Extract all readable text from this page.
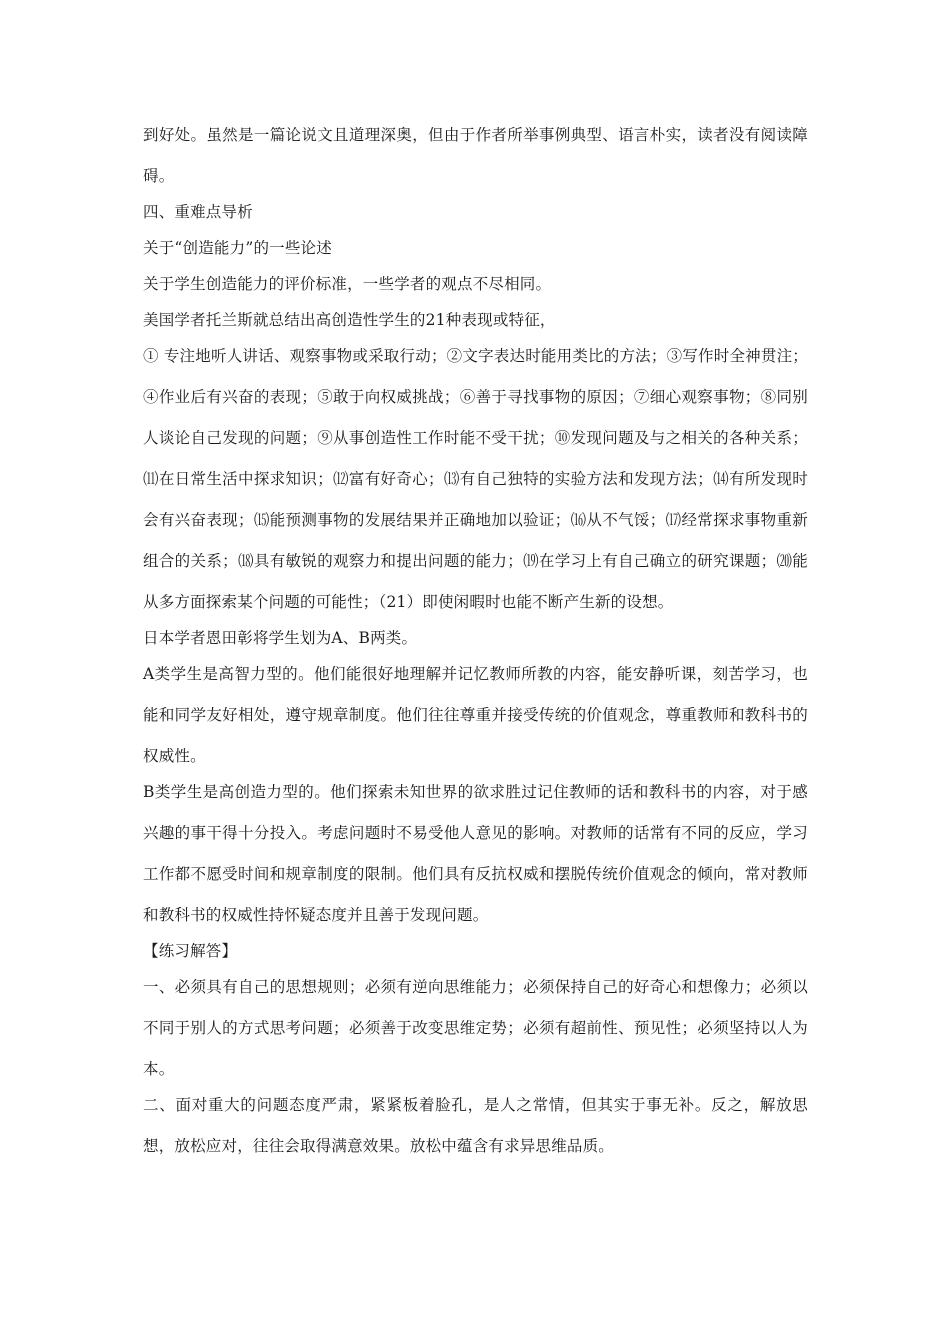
到好处。虽然是一篇论说文且道理深奥，但由于作者所举事例典型、语言朴实，读者没有阅读障碍。

四、重难点导析

关于“创造能力”的一些论述

关于学生创造能力的评价标准，一些学者的观点不尽相同。

美国学者托兰斯就总结出高创造性学生的21种表现或特征，

① 专注地听人讲话、观察事物或采取行动；②文字表达时能用类比的方法；③写作时全神贯注；④作业后有兴奋的表现；⑤敢于向权威挑战；⑥善于寻找事物的原因；⑦细心观察事物；⑧同别人谈论自己发现的问题；⑨从事创造性工作时能不受干扰；⑩发现问题及与之相关的各种关系；⑾在日常生活中探求知识；⑿富有好奇心；⒀有自己独特的实验方法和发现方法；⒁有所发现时会有兴奋表现；⒂能预测事物的发展结果并正确地加以验证；⒃从不气馁；⒄经常探求事物重新组合的关系；⒅具有敏锐的观察力和提出问题的能力；⒆在学习上有自己确立的研究课题；⒇能从多方面探索某个问题的可能性；（21）即使闲暇时也能不断产生新的设想。

日本学者恩田彰将学生划为A、B两类。

A类学生是高智力型的。他们能很好地理解并记忆教师所教的内容，能安静听课，刻苦学习，也能和同学友好相处，遵守规章制度。他们往往尊重并接受传统的价值观念，尊重教师和教科书的权威性。

B类学生是高创造力型的。他们探索未知世界的欲求胜过记住教师的话和教科书的内容，对于感兴趣的事干得十分投入。考虑问题时不易受他人意见的影响。对教师的话常有不同的反应，学习工作都不愿受时间和规章制度的限制。他们具有反抗权威和摆脱传统价值观念的倾向，常对教师和教科书的权威性持怀疑态度并且善于发现问题。

【练习解答】

一、必须具有自己的思想规则；必须有逆向思维能力；必须保持自己的好奇心和想像力；必须以不同于别人的方式思考问题；必须善于改变思维定势；必须有超前性、预见性；必须坚持以人为本。

二、面对重大的问题态度严肃，紧紧板着脸孔，是人之常情，但其实于事无补。反之，解放思想，放松应对，往往会取得满意效果。放松中蕴含有求异思维品质。
